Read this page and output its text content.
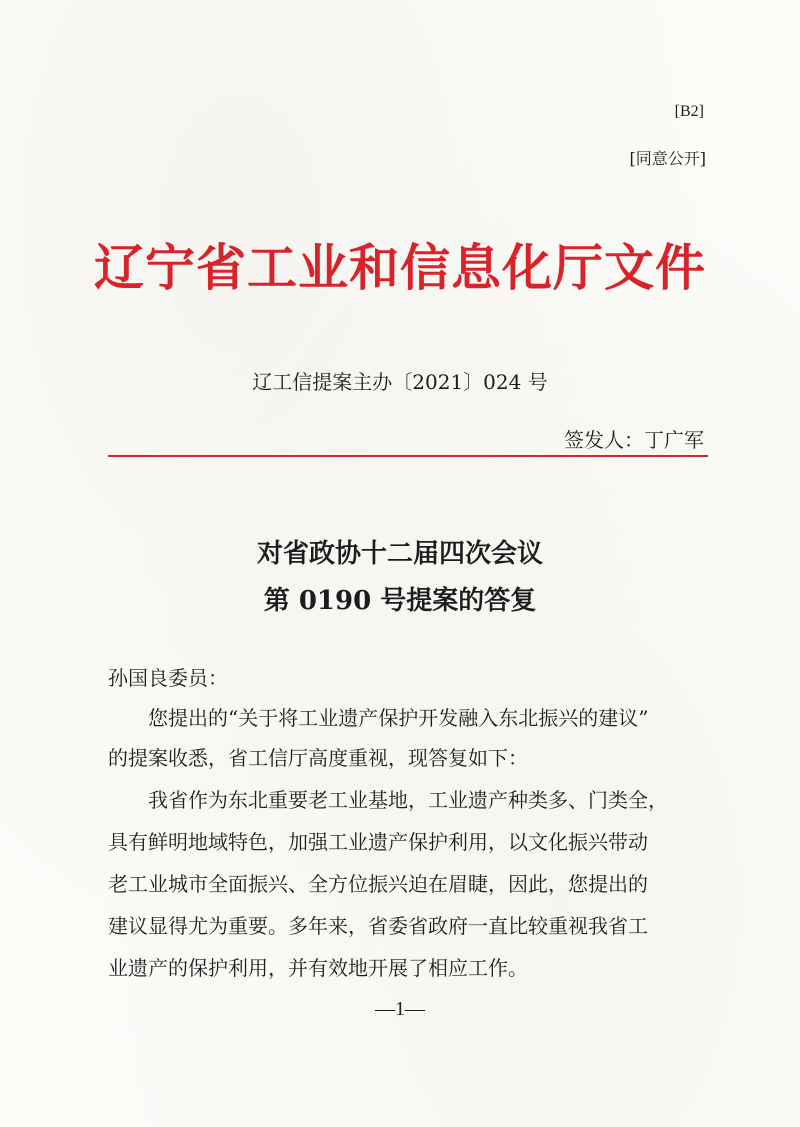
[B2]
[同意公开]
辽宁省工业和信息化厅文件
辽工信提案主办〔2021〕024 号
签发人：丁广军
对省政协十二届四次会议
第 0190 号提案的答复
孙国良委员：
您提出的“关于将工业遗产保护开发融入东北振兴的建议”
的提案收悉，省工信厅高度重视，现答复如下：
我省作为东北重要老工业基地，工业遗产种类多、门类全，
具有鲜明地域特色，加强工业遗产保护利用，以文化振兴带动
老工业城市全面振兴、全方位振兴迫在眉睫，因此，您提出的
建议显得尤为重要。多年来，省委省政府一直比较重视我省工
业遗产的保护利用，并有效地开展了相应工作。
—1—
